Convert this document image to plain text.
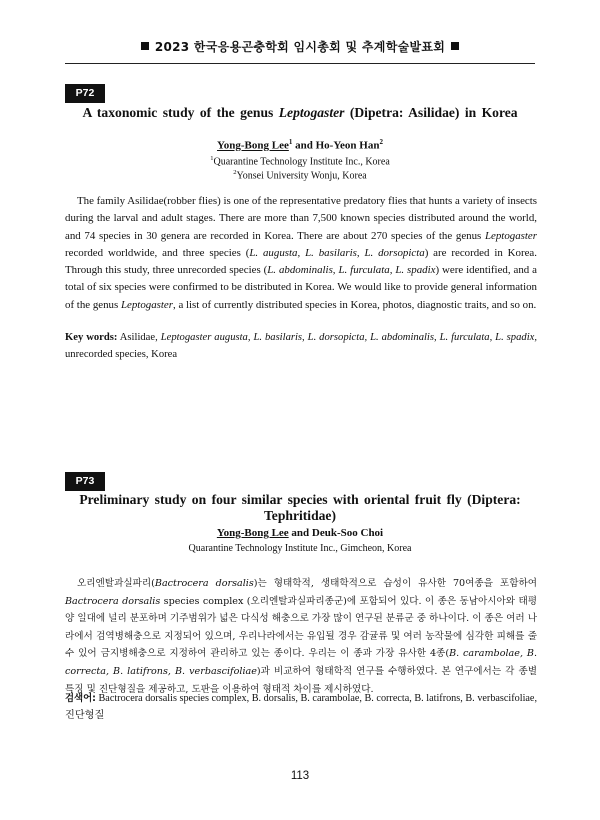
2023 한국응용곤충학회 임시총회 및 추계학술발표회
P72
A taxonomic study of the genus Leptogaster (Dipetra: Asilidae) in Korea
Yong-Bong Lee$^1$ and Ho-Yeon Han$^2$
$^1$Quarantine Technology Institute Inc., Korea
$^2$Yonsei University Wonju, Korea

The family Asilidae(robber flies) is one of the representative predatory flies that hunts a variety of insects during the larval and adult stages. There are more than 7,500 known species distributed around the world, and 74 species in 30 genera are recorded in Korea. There are about 270 species of the genus Leptogaster recorded worldwide, and three species (L. augusta, L. basilaris, L. dorsopicta) are recorded in Korea. Through this study, three unrecorded species (L. abdominalis, L. furculata, L. spadix) were identified, and a total of six species were confirmed to be distributed in Korea. We would like to provide general information of the genus Leptogaster, a list of currently distributed species in Korea, photos, diagnostic traits, and so on.

Key words: Asilidae, Leptogaster augusta, L. basilaris, L. dorsopicta, L. abdominalis, L. furculata, L. spadix, unrecorded species, Korea

P73
Preliminary study on four similar species with oriental fruit fly (Diptera: Tephritidae)
Yong-Bong Lee and Deuk-Soo Choi
Quarantine Technology Institute Inc., Gimcheon, Korea

오리엔탈과실파리(Bactrocera dorsalis)는 형태학적, 생태학적으로 습성이 유사한 70여종을 포함하여 Bactrocera dorsalis species complex (오리엔탈과실파리종군)에 포함되어 있다. 이 종은 동남아시아와 태평양 일대에 널리 분포하며 기주범위가 넓은 다식성 해충으로 가장 많이 연구된 분류군 중 하나이다. 이 종은 여러 나라에서 검역병해충으로 지정되어 있으며, 우리나라에서는 유입될 경우 감귤류 및 여러 농작물에 심각한 피해를 줄 수 있어 금지병해충으로 지정하여 관리하고 있는 종이다. 우리는 이 종과 가장 유사한 4종(B. carambolae, B. correcta, B. latifrons, B. verbascifoliae)과 비교하여 형태학적 연구를 수행하였다. 본 연구에서는 각 종별 특징 및 진단형질을 제공하고, 도판을 이용하여 형태적 차이를 제시하였다.

검색어: Bactrocera dorsalis species complex, B. dorsalis, B. carambolae, B. correcta, B. latifrons, B. verbascifoliae, 진단형질

113
